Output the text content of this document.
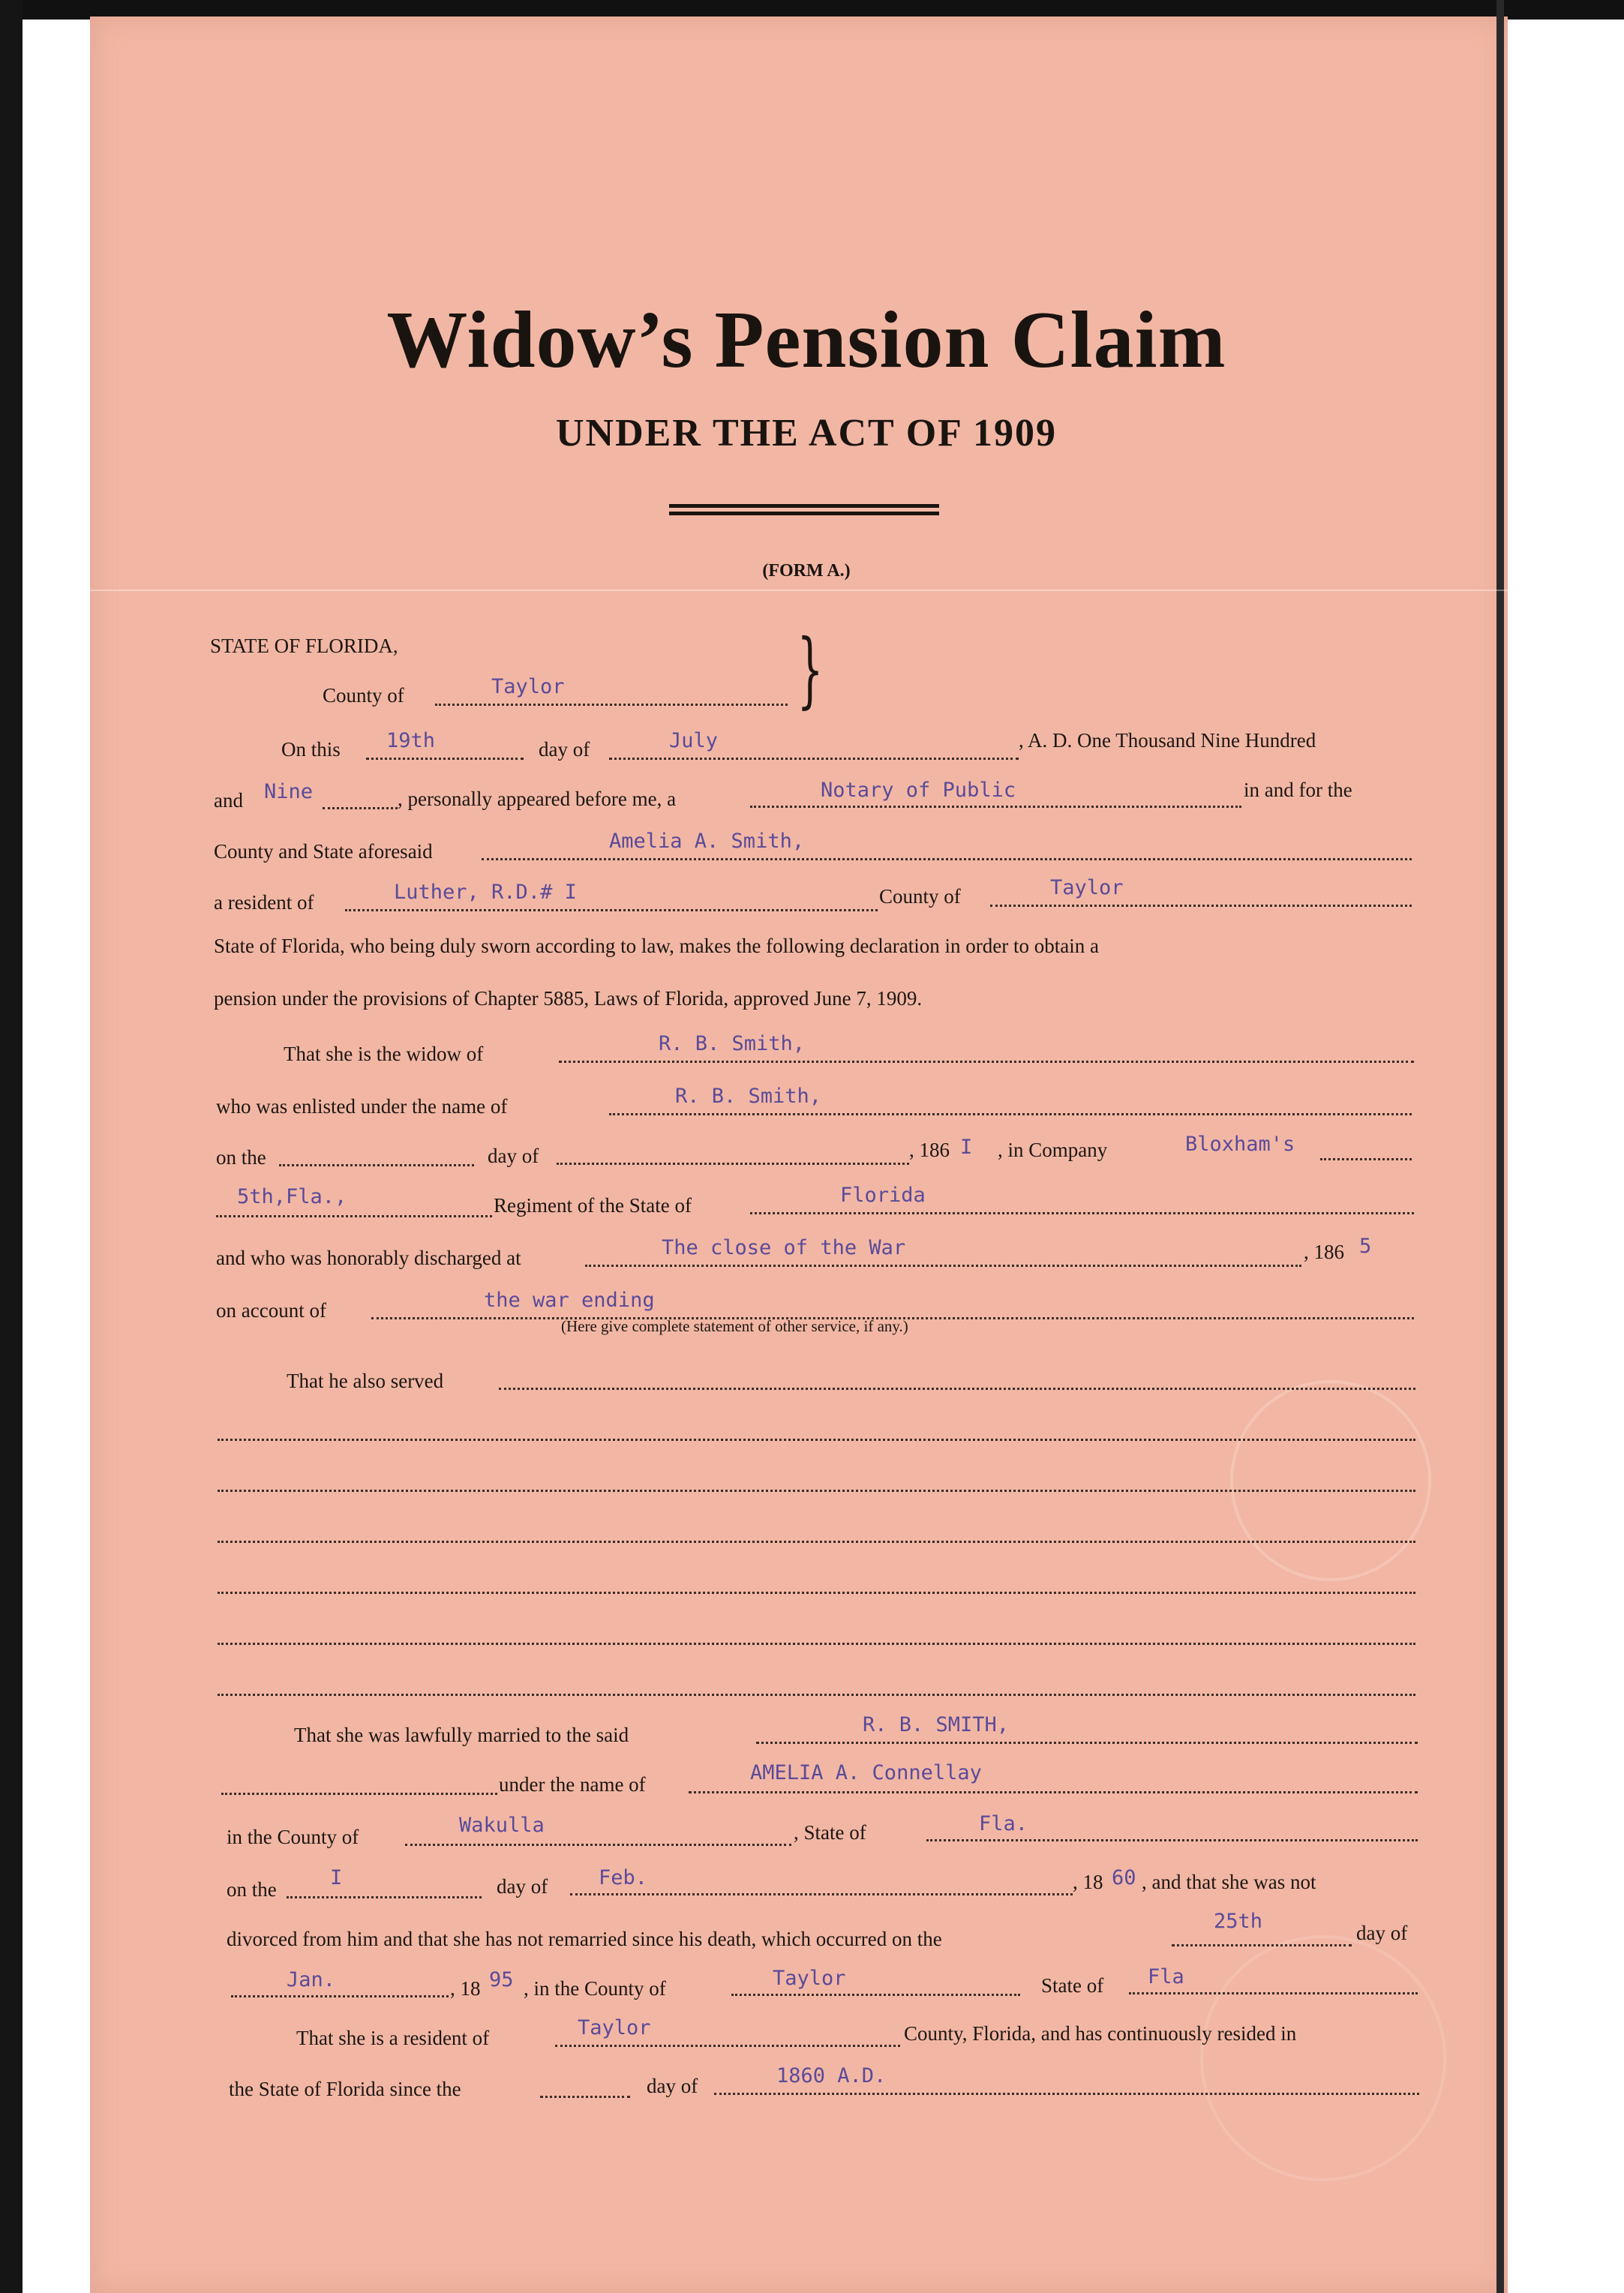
Widow’s Pension Claim
UNDER THE ACT OF 1909
(FORM A.)
STATE OF FLORIDA,
County of	Taylor	}
On this 19th	day of	July	, A. D. One Thousand Nine Hundred
and Nine	, personally appeared before me, a	Notary of Public	in and for the
County and State aforesaid	Amelia A. Smith,
a resident of	Luther, R.D.# I	County of	Taylor
State of Florida, who being duly sworn according to law, makes the following declaration in order to obtain a
pension under the provisions of Chapter 5885, Laws of Florida, approved June 7, 1909.
That she is the widow of	R. B. Smith,
who was enlisted under the name of	R. B. Smith,
on the	day of	, 186 I , in Company	Bloxham's
5th,Fla.,	Regiment of the State of	Florida
and who was honorably discharged at	The close of the War	, 186 5
on account of	the war ending
(Here give complete statement of other service, if any.)
That he also served
That she was lawfully married to the said	R. B. SMITH,
under the name of	AMELIA A. Connellay
in the County of	Wakulla	, State of	Fla.
on the	I	day of	Feb.	, 18 60 , and that she was not
divorced from him and that she has not remarried since his death, which occurred on the
25th	day of
Jan.	, 18 95 , in the County of	Taylor	State of Fla
That she is a resident of	Taylor	County, Florida, and has continuously resided in
the State of Florida since the	day of	1860 A.D.
